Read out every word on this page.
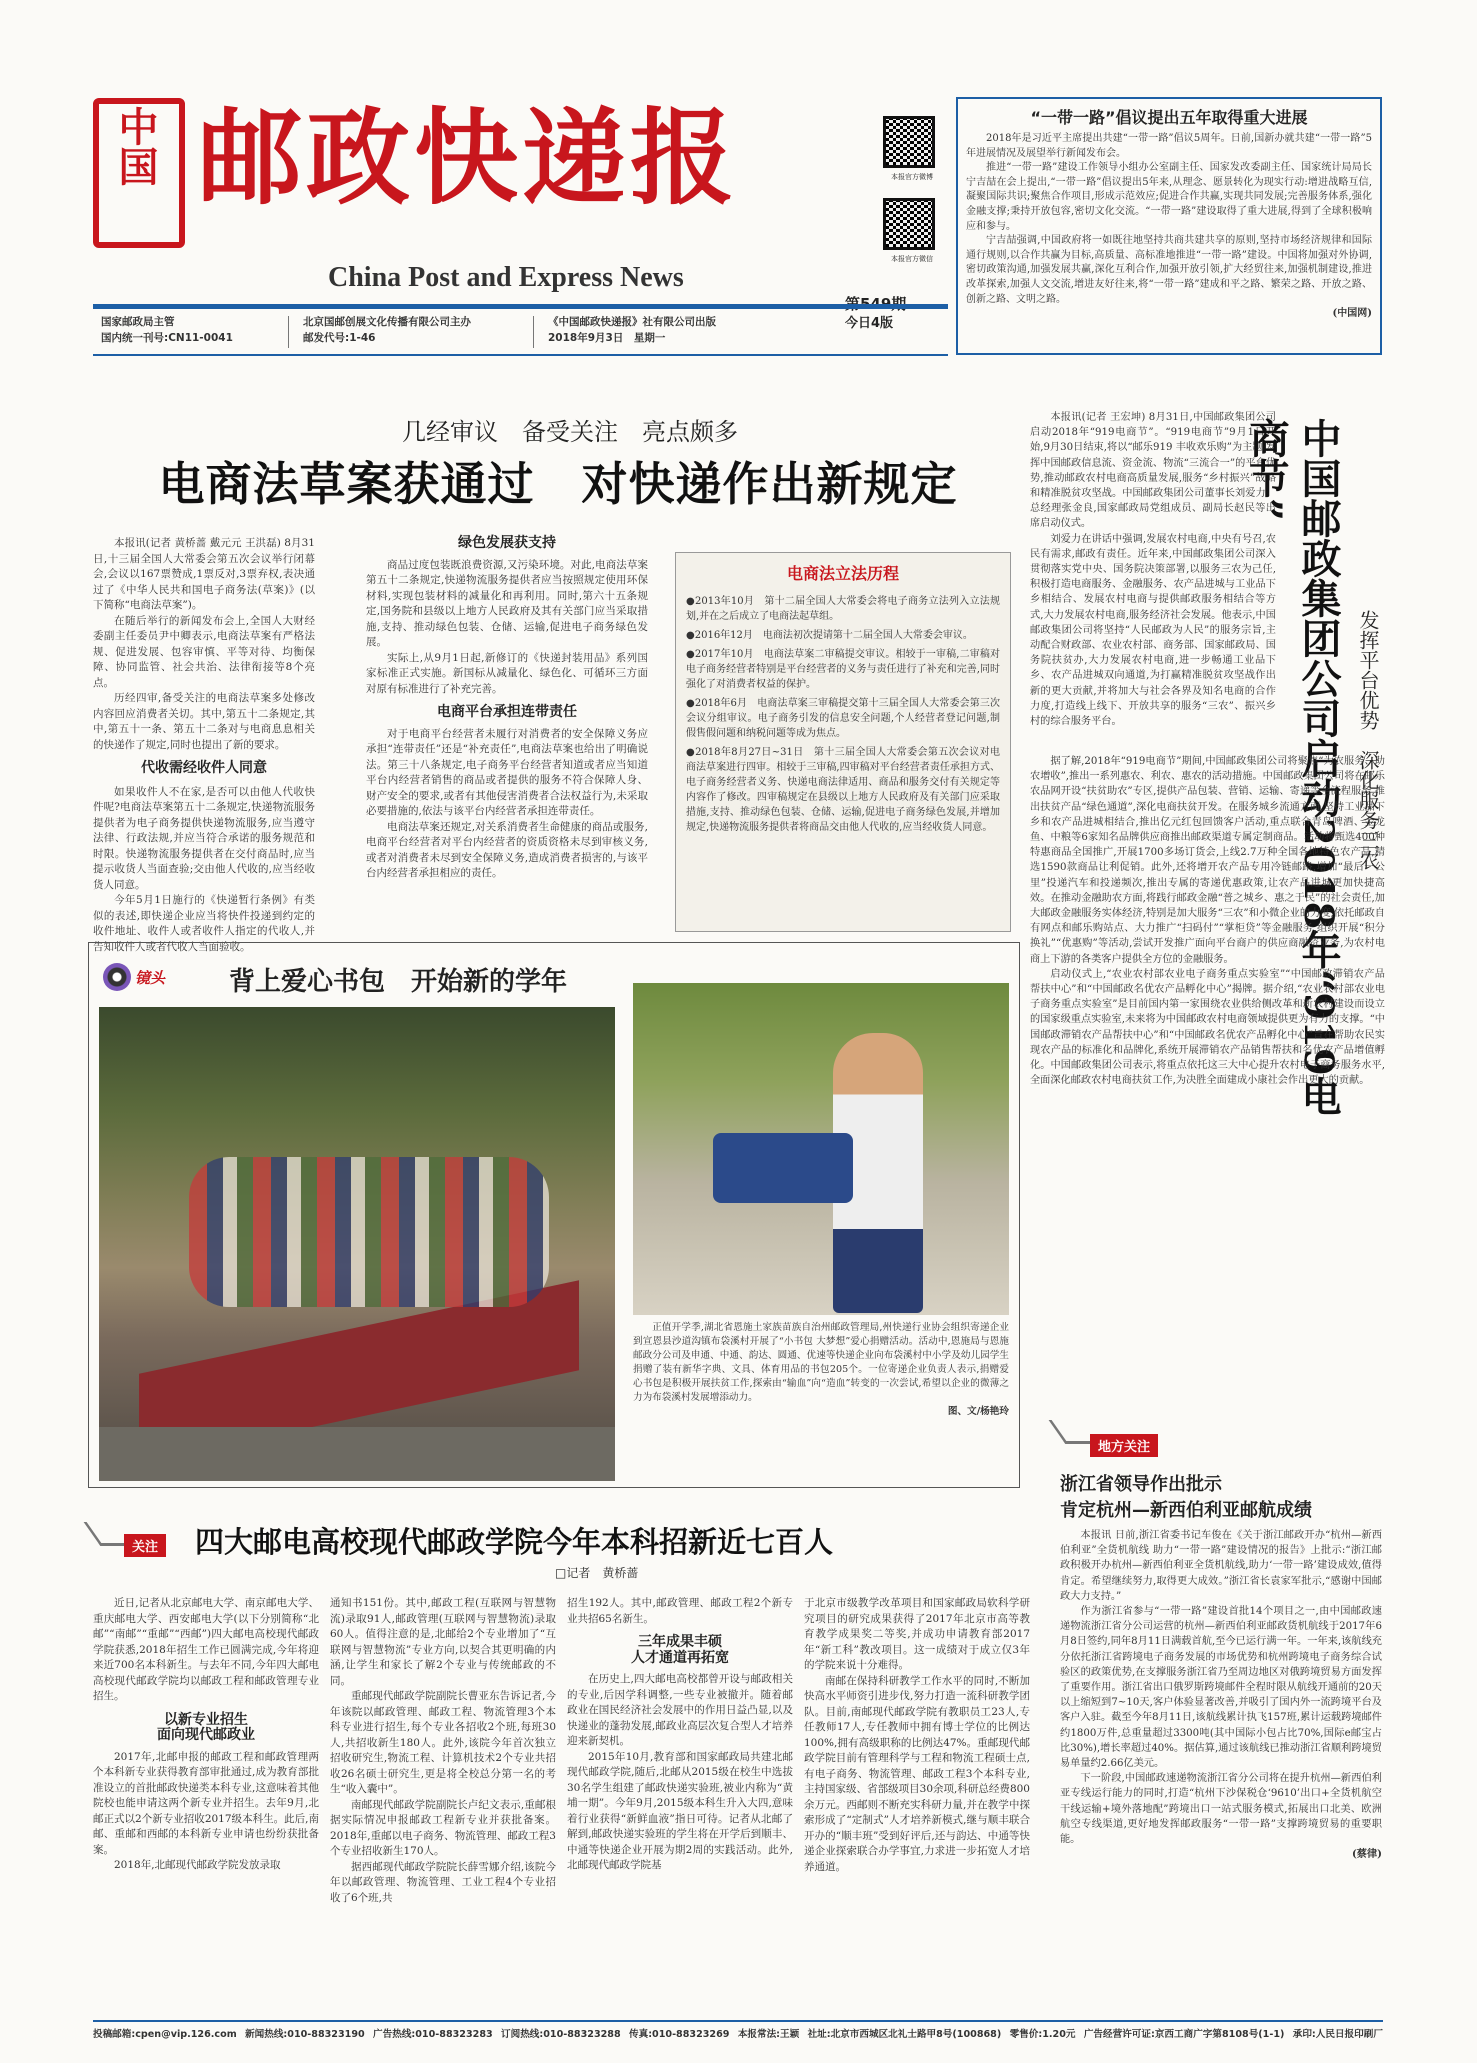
中国 邮政快递报
China Post and Express News
本报官方微博
本报官方微信
今日4版
国家邮政局主管
国内统一刊号:CN11-0041
北京国邮创展文化传播有限公司主办
邮发代号:1-46
《中国邮政快递报》社有限公司出版
2018年9月3日　星期一
“一带一路”倡议提出五年取得重大进展

2018年是习近平主席提出共建“一带一路”倡议5周年。日前,国新办就共建“一带一路”5年进展情况及展望举行新闻发布会。

推进“一带一路”建设工作领导小组办公室副主任、国家发改委副主任、国家统计局局长宁吉喆在会上提出,“一带一路”倡议提出5年来,从理念、愿景转化为现实行动:增进战略互信,凝聚国际共识;聚焦合作项目,形成示范效应;促进合作共赢,实现共同发展;完善服务体系,强化金融支撑;秉持开放包容,密切文化交流。“一带一路”建设取得了重大进展,得到了全球积极响应和参与。

宁吉喆强调,中国政府将一如既往地坚持共商共建共享的原则,坚持市场经济规律和国际通行规则,以合作共赢为目标,高质量、高标准地推进“一带一路”建设。中国将加强对外协调,密切政策沟通,加强发展共赢,深化互利合作,加强开放引领,扩大经贸往来,加强机制建设,推进改革探索,加强人文交流,增进友好往来,将“一带一路”建成和平之路、繁荣之路、开放之路、创新之路、文明之路。

(中国网)
几经审议　备受关注　亮点颇多
电商法草案获通过　对快递作出新规定

本报讯(记者 黄桥蔷 戴元元 王洪磊) 8月31日,十三届全国人大常委会第五次会议举行闭幕会,会议以167票赞成,1票反对,3票弃权,表决通过了《中华人民共和国电子商务法(草案)》(以下简称“电商法草案”)。

在随后举行的新闻发布会上,全国人大财经委副主任委员尹中卿表示,电商法草案有严格法规、促进发展、包容审慎、平等对待、均衡保障、协同监管、社会共治、法律衔接等8个亮点。

历经四审,备受关注的电商法草案多处修改内容回应消费者关切。其中,第五十二条规定,其中,第五十一条、第五十二条对与电商息息相关的快递作了规定,同时也提出了新的要求。

代收需经收件人同意

如果收件人不在家,是否可以由他人代收快件呢?电商法草案第五十二条规定,快递物流服务提供者为电子商务提供快递物流服务,应当遵守法律、行政法规,并应当符合承诺的服务规范和时限。快递物流服务提供者在交付商品时,应当提示收货人当面查验;交由他人代收的,应当经收货人同意。

今年5月1日施行的《快递暂行条例》有类似的表述,即快递企业应当将快件投递到约定的收件地址、收件人或者收件人指定的代收人,并告知收件人或者代收人当面验收。

绿色发展获支持

商品过度包装既浪费资源,又污染环境。对此,电商法草案第五十二条规定,快递物流服务提供者应当按照规定使用环保材料,实现包装材料的减量化和再利用。同时,第六十五条规定,国务院和县级以上地方人民政府及其有关部门应当采取措施,支持、推动绿色包装、仓储、运输,促进电子商务绿色发展。

实际上,从9月1日起,新修订的《快递封装用品》系列国家标准正式实施。新国标从减量化、绿色化、可循环三方面对原有标准进行了补充完善。

电商平台承担连带责任

对于电商平台经营者未履行对消费者的安全保障义务应承担“连带责任”还是“补充责任”,电商法草案也给出了明确说法。第三十八条规定,电子商务平台经营者知道或者应当知道平台内经营者销售的商品或者提供的服务不符合保障人身、财产安全的要求,或者有其他侵害消费者合法权益行为,未采取必要措施的,依法与该平台内经营者承担连带责任。

电商法草案还规定,对关系消费者生命健康的商品或服务,电商平台经营者对平台内经营者的资质资格未尽到审核义务,或者对消费者未尽到安全保障义务,造成消费者损害的,与该平台内经营者承担相应的责任。

电商法立法历程
●2013年10月　第十二届全国人大常委会将电子商务立法列入立法规划,并在之后成立了电商法起草组。
●2016年12月　电商法初次提请第十二届全国人大常委会审议。
●2017年10月　电商法草案二审稿提交审议。相较于一审稿,二审稿对电子商务经营者特别是平台经营者的义务与责任进行了补充和完善,同时强化了对消费者权益的保护。
●2018年6月　电商法草案三审稿提交第十三届全国人大常委会第三次会议分组审议。电子商务引发的信息安全问题,个人经营者登记问题,制假售假问题和纳税问题等成为焦点。
●2018年8月27日~31日　第十三届全国人大常委会第五次会议对电商法草案进行四审。相较于三审稿,四审稿对平台经营者责任承担方式、电子商务经营者义务、快递电商法律适用、商品和服务交付有关规定等内容作了修改。四审稿规定在县级以上地方人民政府及有关部门应采取措施,支持、推动绿色包装、仓储、运输,促进电子商务绿色发展,并增加规定,快递物流服务提供者将商品交由他人代收的,应当经收货人同意。
镜头	背上爱心书包　开始新的学年

正值开学季,湖北省恩施土家族苗族自治州邮政管理局,州快递行业协会组织寄递企业到宣恩县沙道沟镇布袋溪村开展了“小书包 大梦想”爱心捐赠活动。活动中,恩施局与恩施邮政分公司及申通、中通、韵达、圆通、优速等快递企业向布袋溪村中小学及幼儿园学生捐赠了装有新华字典、文具、体育用品的书包205个。一位寄递企业负责人表示,捐赠爱心书包是积极开展扶贫工作,探索由“输血”向“造血”转变的一次尝试,希望以企业的微薄之力为布袋溪村发展增添动力。

图、文/杨艳玲

本报讯(记者 王宏坤) 8月31日,中国邮政集团公司启动2018年“919电商节”。“919电商节”9月1日开始,9月30日结束,将以“邮乐919 丰收欢乐购”为主题,发挥中国邮政信息流、资金流、物流“三流合一”的平台优势,推动邮政农村电商高质量发展,服务“乡村振兴”战略和精准脱贫攻坚战。中国邮政集团公司董事长刘爱力、总经理张金良,国家邮政局党组成员、副局长赵民等出席启动仪式。

刘爱力在讲话中强调,发展农村电商,中央有号召,农民有需求,邮政有责任。近年来,中国邮政集团公司深入贯彻落实党中央、国务院决策部署,以服务三农为己任,积极打造电商服务、金融服务、农产品进城与工业品下乡相结合、发展农村电商与提供邮政服务相结合等方式,大力发展农村电商,服务经济社会发展。他表示,中国邮政集团公司将坚持“人民邮政为人民”的服务宗旨,主动配合财政部、农业农村部、商务部、国家邮政局、国务院扶贫办,大力发展农村电商,进一步畅通工业品下乡、农产品进城双向通道,为打赢精准脱贫攻坚战作出新的更大贡献,并将加大与社会各界及知名电商的合作力度,打造线上线下、开放共享的服务“三农”、振兴乡村的综合服务平台。	中国邮政集团公司启动2018年“919电商节”
发挥平台优势　深化服务三农

据了解,2018年“919电商节”期间,中国邮政集团公司将聚焦“为农服务、助农增收”,推出一系列惠农、利农、惠农的活动措施。中国邮政集团公司将在邮乐农品网开设“扶贫助农”专区,提供产品包装、营销、运输、寄递等全流程服务,推出扶贫产品“绿色通道”,深化电商扶贫开发。在服务城乡流通方面,坚持工业品下乡和农产品进城相结合,推出亿元红包回馈客户活动,重点联合青岛啤酒、金龙鱼、中粮等6家知名品牌供应商推出邮政渠道专属定制商品。活动将甄选400种特惠商品全国推广,开展1700多场订货会,上线2.7万种全国各地特色农产品,精选1590款商品让利促销。此外,还将增开农产品专用冷链邮路,增加“最后一公里”投递汽车和投递频次,推出专属的寄递优惠政策,让农产品进城更加快捷高效。在推动金融助农方面,将践行邮政金融“普之城乡、惠之于民”的社会责任,加大邮政金融服务实体经济,特别是加大服务“三农”和小微企业的力度,依托邮政自有网点和邮乐购站点、大力推广“扫码付”“掌柜贷”等金融服务,组织开展“积分换礼”“优惠购”等活动,尝试开发推广面向平台商户的供应商融资业务,为农村电商上下游的各类客户提供全方位的金融服务。

启动仪式上,“农业农村部农业电子商务重点实验室”“中国邮政滞销农产品帮扶中心”和“中国邮政名优农产品孵化中心”揭牌。据介绍,“农业农村部农业电子商务重点实验室”是目前国内第一家围绕农业供给侧改革和新农村建设而设立的国家级重点实验室,未来将为中国邮政农村电商领域提供更为有力的支撑。“中国邮政滞销农产品帮扶中心”和“中国邮政名优农产品孵化中心”旨在帮助农民实现农产品的标准化和品牌化,系统开展滞销农产品销售帮扶和名优农产品增值孵化。中国邮政集团公司表示,将重点依托这三大中心提升农村电子商务服务水平,全面深化邮政农村电商扶贫工作,为决胜全面建成小康社会作出更大的贡献。

地方关注
浙江省领导作出批示
肯定杭州—新西伯利亚邮航成绩

本报讯 日前,浙江省委书记车俊在《关于浙江邮政开办“杭州—新西伯利亚”全货机航线 助力“一带一路”建设情况的报告》上批示:“浙江邮政积极开办杭州—新西伯利亚全货机航线,助力‘一带一路’建设成效,值得肯定。希望继续努力,取得更大成效。”浙江省长袁家军批示,“感谢中国邮政大力支持。”

作为浙江省参与“一带一路”建设首批14个项目之一,由中国邮政速递物流浙江省分公司运营的杭州—新西伯利亚邮政货机航线于2017年6月8日签约,同年8月11日满载首航,至今已运行满一年。一年来,该航线充分依托浙江省跨境电子商务发展的市场优势和杭州跨境电子商务综合试验区的政策优势,在支撑服务浙江省乃至周边地区对俄跨境贸易方面发挥了重要作用。浙江省出口俄罗斯跨境邮件全程时限从航线开通前的20天以上缩短到7~10天,客户体验显著改善,并吸引了国内外一流跨境平台及客户入驻。截至今年8月11日,该航线累计执飞157班,累计运载跨境邮件约1800万件,总重量超过3300吨(其中国际小包占比70%,国际e邮宝占比30%),增长率超过40%。据估算,通过该航线已推动浙江省顺利跨境贸易单量约2.66亿美元。

下一阶段,中国邮政速递物流浙江省分公司将在提升杭州—新西伯利亚专线运行能力的同时,打造“杭州下沙保税仓‘9610’出口+全货机航空干线运输+境外落地配”跨境出口一站式服务模式,拓展出口北美、欧洲航空专线渠道,更好地发挥邮政服务“一带一路”支撑跨境贸易的重要职能。

(蔡律)
关注 四大邮电高校现代邮政学院今年本科招新近七百人
□记者　黄桥蔷

近日,记者从北京邮电大学、南京邮电大学、重庆邮电大学、西安邮电大学(以下分别简称“北邮”“南邮”“重邮”“西邮”)四大邮电高校现代邮政学院获悉,2018年招生工作已圆满完成,今年将迎来近700名本科新生。与去年不同,今年四大邮电高校现代邮政学院均以邮政工程和邮政管理专业招生。

以新专业招生
面向现代邮政业

2017年,北邮申报的邮政工程和邮政管理两个本科新专业获得教育部审批通过,成为教育部批准设立的首批邮政快递类本科专业,这意味着其他院校也能申请这两个新专业并招生。去年9月,北邮正式以2个新专业招收2017级本科生。此后,南邮、重邮和西邮的本科新专业申请也纷纷获批备案。

2018年,北邮现代邮政学院发放录取

通知书151份。其中,邮政工程(互联网与智慧物流)录取91人,邮政管理(互联网与智慧物流)录取60人。值得注意的是,北邮给2个专业增加了“互联网与智慧物流”专业方向,以契合其更明确的内涵,让学生和家长了解2个专业与传统邮政的不同。

重邮现代邮政学院副院长曹亚东告诉记者,今年该院以邮政管理、邮政工程、物流管理3个本科专业进行招生,每个专业各招收2个班,每班30人,共招收新生180人。此外,该院今年首次独立招收研究生,物流工程、计算机技术2个专业共招收26名硕士研究生,更是将全校总分第一名的考生“收入囊中”。

南邮现代邮政学院副院长卢纪文表示,重邮根据实际情况申报邮政工程新专业并获批备案。2018年,重邮以电子商务、物流管理、邮政工程3个专业招收新生170人。

据西邮现代邮政学院院长薛雪娜介绍,该院今年以邮政管理、物流管理、工业工程4个专业招收了6个班,共

招生192人。其中,邮政管理、邮政工程2个新专业共招65名新生。

三年成果丰硕
人才通道再拓宽

在历史上,四大邮电高校都曾开设与邮政相关的专业,后因学科调整,一些专业被撤并。随着邮政业在国民经济社会发展中的作用日益凸显,以及快递业的蓬勃发展,邮政业高层次复合型人才培养迎来新契机。

2015年10月,教育部和国家邮政局共建北邮现代邮政学院,随后,北邮从2015级在校生中选拔30名学生组建了邮政快递实验班,被业内称为“黄埔一期”。今年9月,2015级本科生升入大四,意味着行业获得“新鲜血液”指日可待。记者从北邮了解到,邮政快递实验班的学生将在开学后到顺丰、中通等快递企业开展为期2周的实践活动。此外,北邮现代邮政学院基

于北京市级教学改革项目和国家邮政局软科学研究项目的研究成果获得了2017年北京市高等教育教学成果奖二等奖,并成功申请教育部2017年“新工科”教改项目。这一成绩对于成立仅3年的学院来说十分难得。

南邮在保持科研教学工作水平的同时,不断加快高水平师资引进步伐,努力打造一流科研教学团队。目前,南邮现代邮政学院有教职员工23人,专任教师17人,专任教师中拥有博士学位的比例达100%,拥有高级职称的比例达47%。重邮现代邮政学院目前有管理科学与工程和物流工程硕士点,有电子商务、物流管理、邮政工程3个本科专业,主持国家级、省部级项目30余项,科研总经费800余万元。西邮则不断充实科研力量,并在教学中探索形成了“定制式”人才培养新模式,继与顺丰联合开办的“顺丰班”受到好评后,还与韵达、中通等快递企业探索联合办学事宜,力求进一步拓宽人才培养通道。

投稿邮箱:cpen@vip.126.com 新闻热线:010-88323190 广告热线:010-88323283 订阅热线:010-88323288 传真:010-88323269 本报常法:王颖 社址:北京市西城区北礼士路甲8号(100868) 零售价:1.20元 广告经营许可证:京西工商广字第8108号(1-1) 承印:人民日报印刷厂
